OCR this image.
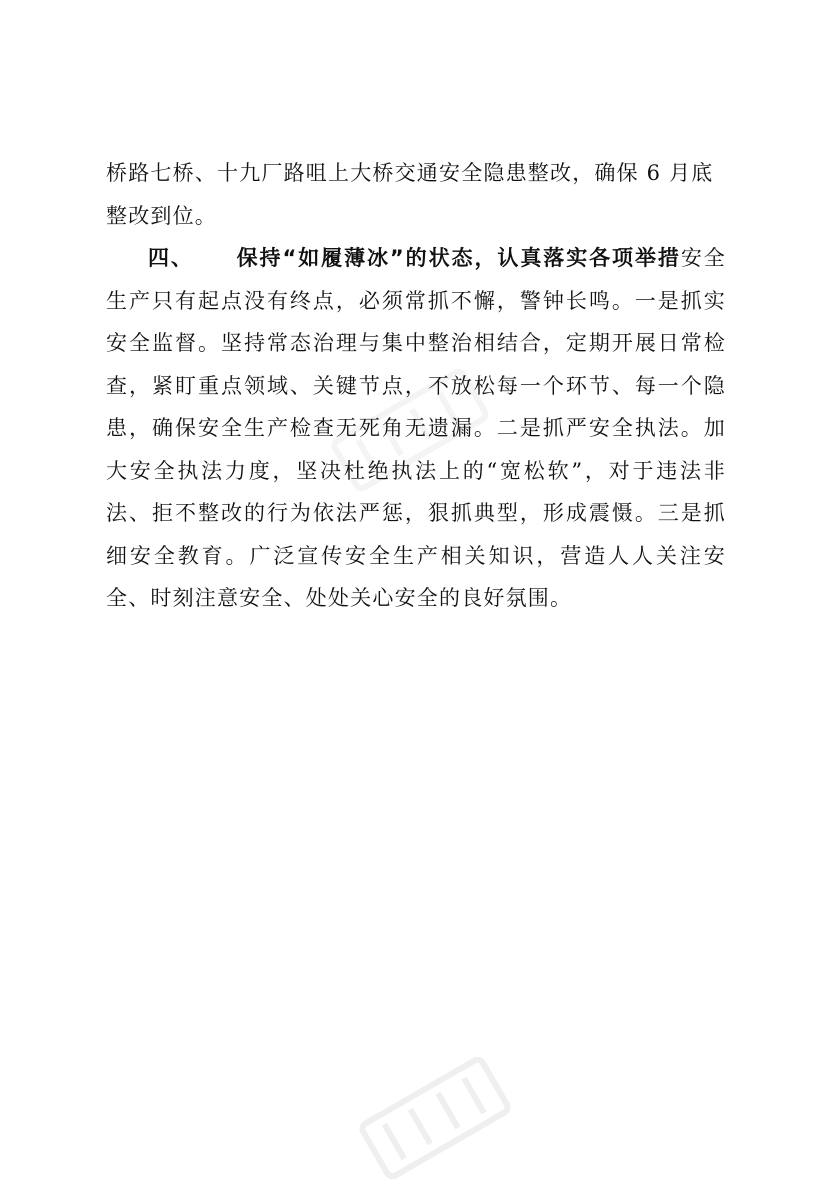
桥路七桥、十九厂路咀上大桥交通安全隐患整改，确保 6 月底
整改到位。

四、 保持“如履薄冰”的状态，认真落实各项举措安全生产只有起点没有终点，必须常抓不懈，警钟长鸣。一是抓实安全监督。坚持常态治理与集中整治相结合，定期开展日常检查，紧盯重点领域、关键节点，不放松每一个环节、每一个隐患，确保安全生产检查无死角无遗漏。二是抓严安全执法。加大安全执法力度，坚决杜绝执法上的“宽松软”，对于违法非法、拒不整改的行为依法严惩，狠抓典型，形成震慑。三是抓细安全教育。广泛宣传安全生产相关知识，营造人人关注安全、时刻注意安全、处处关心安全的良好氛围。
